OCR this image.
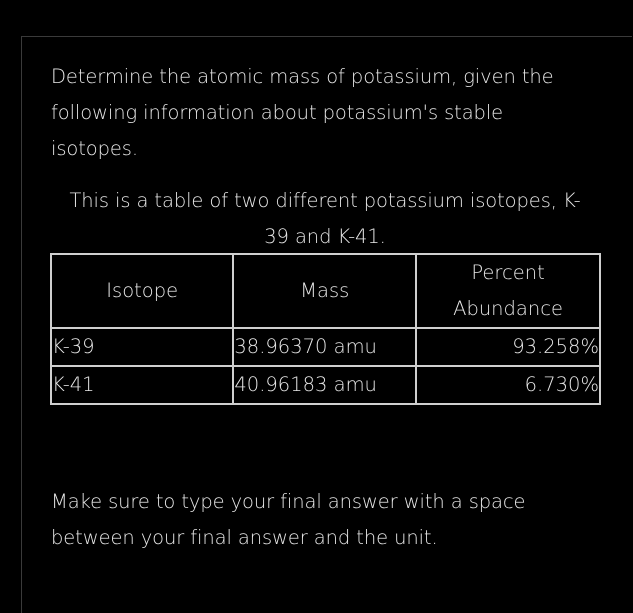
Determine the atomic mass of potassium, given the
following information about potassium's stable
isotopes.
This is a table of two different potassium isotopes, K-
39 and K-41.
Isotope	Mass	Percent
Abundance
K-39	38.96370 amu	93.258%
K-41	40.96183 amu	6.730%
Make sure to type your final answer with a space
between your final answer and the unit.
